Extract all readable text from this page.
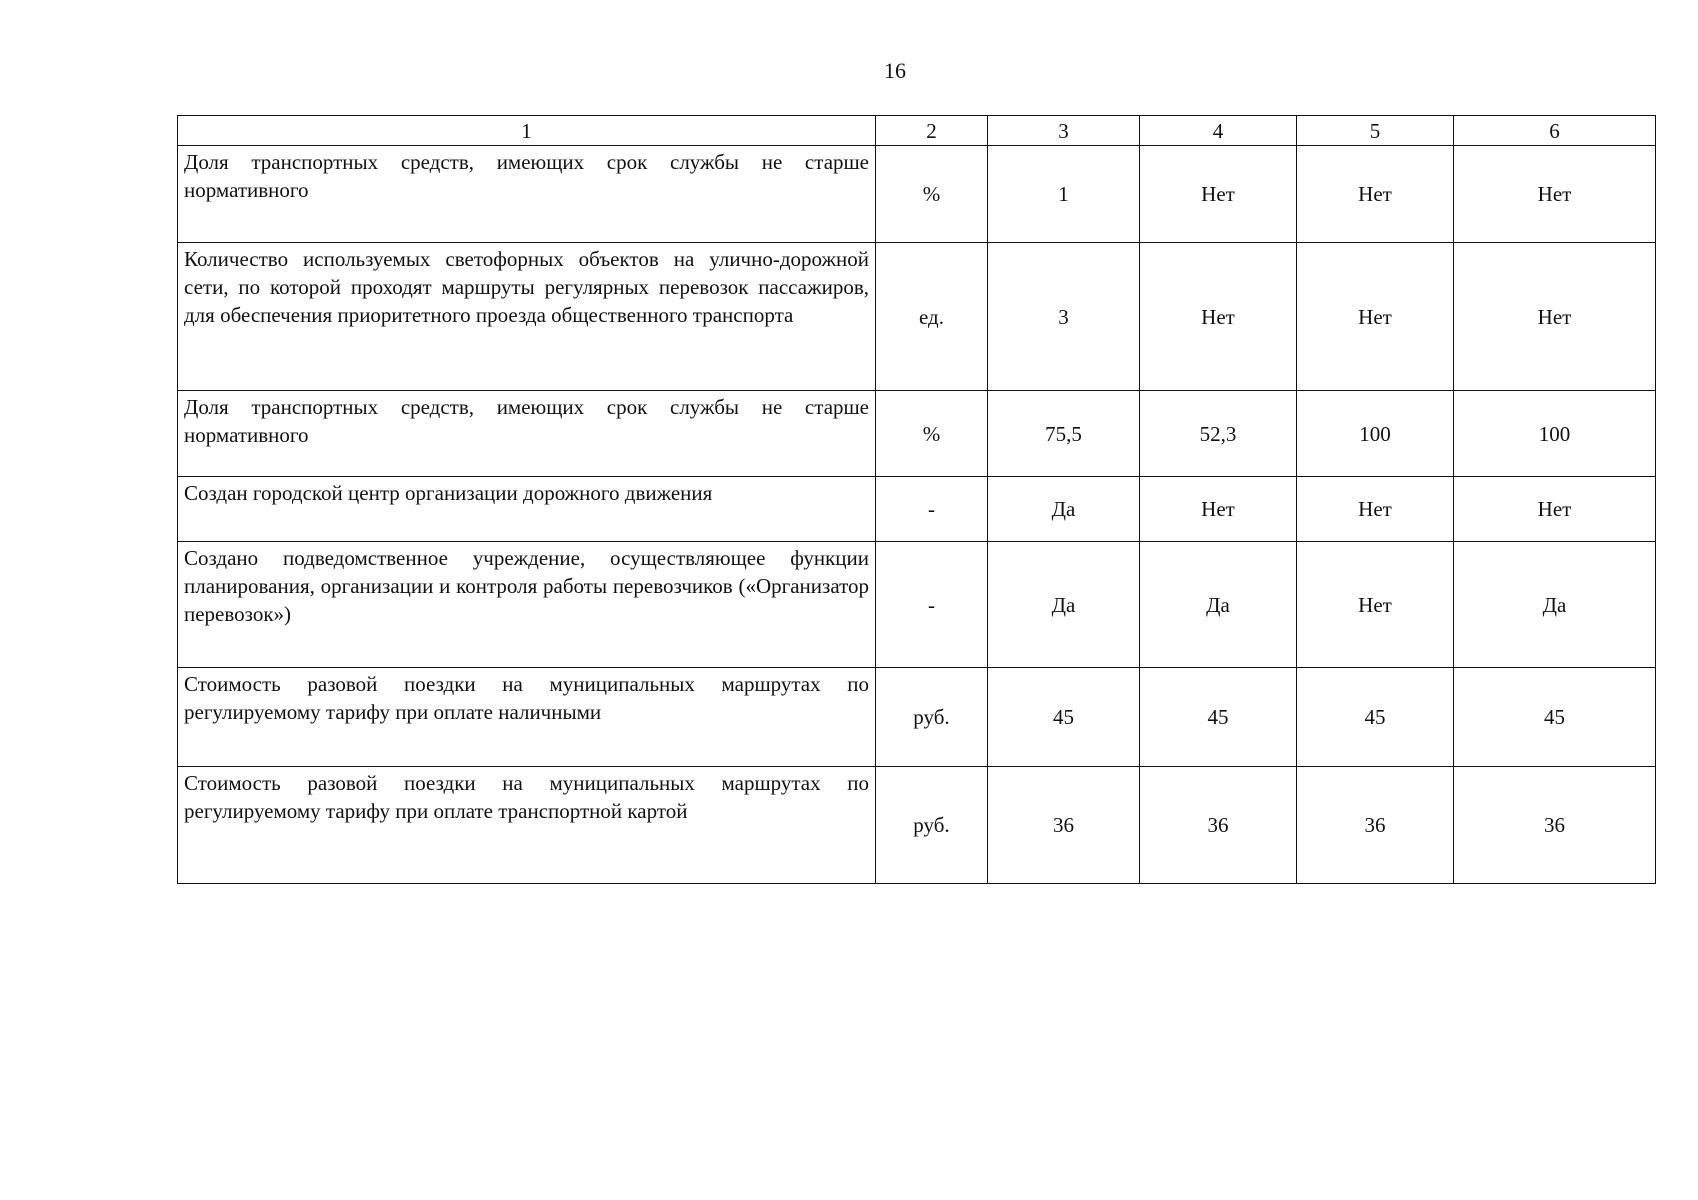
16
1	2	3	4	5	6
Доля транспортных средств, имеющих срок службы не старше нормативного	%	1	Нет	Нет	Нет
Количество используемых светофорных объектов на улично-дорожной сети, по которой проходят маршруты регулярных перевозок пассажиров, для обеспечения приоритетного проезда общественного транспорта	ед.	3	Нет	Нет	Нет
Доля транспортных средств, имеющих срок службы не старше нормативного	%	75,5	52,3	100	100
Создан городской центр организации дорожного движения	-	Да	Нет	Нет	Нет
Создано подведомственное учреждение, осуществляющее функции планирования, организации и контроля работы перевозчиков («Организатор перевозок»)	-	Да	Да	Нет	Да
Стоимость разовой поездки на муниципальных маршрутах по регулируемому тарифу при оплате наличными	руб.	45	45	45	45
Стоимость разовой поездки на муниципальных маршрутах по регулируемому тарифу при оплате транспортной картой	руб.	36	36	36	36
